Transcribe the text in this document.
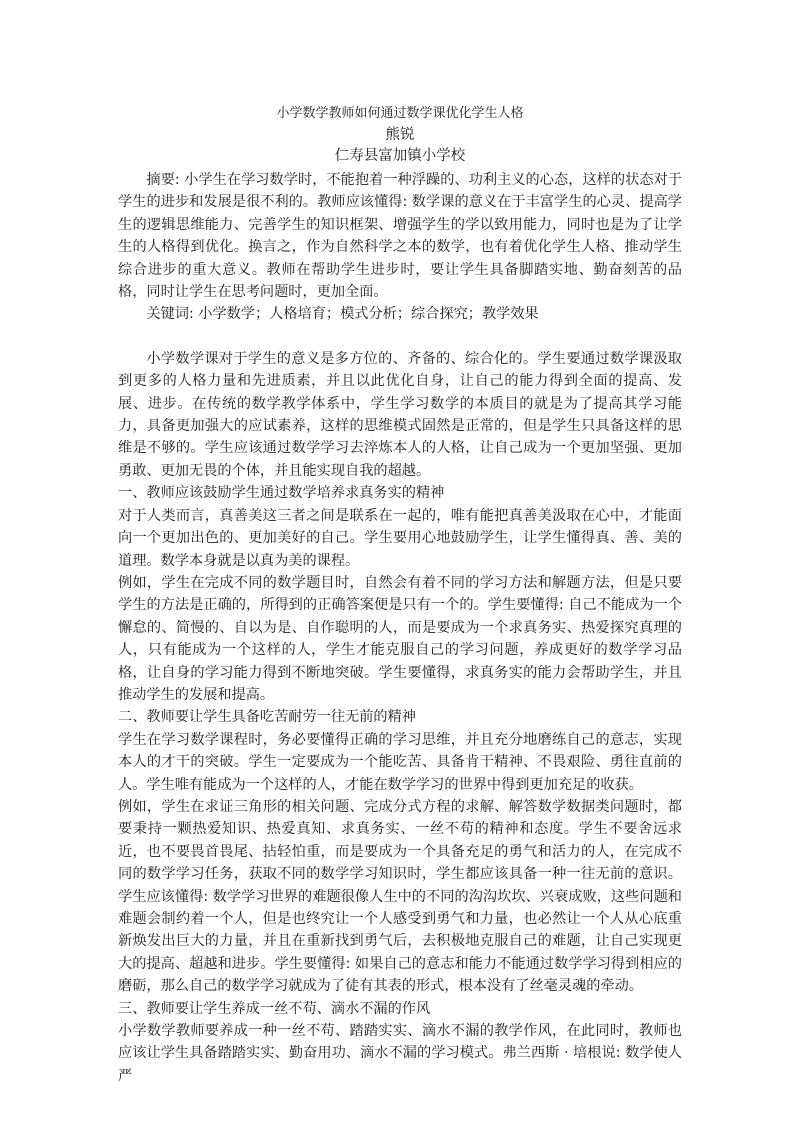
小学数学教师如何通过数学课优化学生人格
熊锐
仁寿县富加镇小学校

摘要: 小学生在学习数学时，不能抱着一种浮躁的、功利主义的心态，这样的状态对于学生的进步和发展是很不利的。教师应该懂得: 数学课的意义在于丰富学生的心灵、提高学生的逻辑思维能力、完善学生的知识框架、增强学生的学以致用能力，同时也是为了让学生的人格得到优化。换言之，作为自然科学之本的数学，也有着优化学生人格、推动学生综合进步的重大意义。教师在帮助学生进步时，要让学生具备脚踏实地、勤奋刻苦的品格，同时让学生在思考问题时，更加全面。

关键词: 小学数学；人格培育；模式分析；综合探究；教学效果

小学数学课对于学生的意义是多方位的、齐备的、综合化的。学生要通过数学课汲取到更多的人格力量和先进质素，并且以此优化自身，让自己的能力得到全面的提高、发展、进步。在传统的数学教学体系中，学生学习数学的本质目的就是为了提高其学习能力，具备更加强大的应试素养，这样的思维模式固然是正常的，但是学生只具备这样的思维是不够的。学生应该通过数学学习去淬炼本人的人格，让自己成为一个更加坚强、更加勇敢、更加无畏的个体，并且能实现自我的超越。

一、教师应该鼓励学生通过数学培养求真务实的精神

对于人类而言，真善美这三者之间是联系在一起的，唯有能把真善美汲取在心中，才能面向一个更加出色的、更加美好的自己。学生要用心地鼓励学生，让学生懂得真、善、美的道理。数学本身就是以真为美的课程。

例如，学生在完成不同的数学题目时，自然会有着不同的学习方法和解题方法，但是只要学生的方法是正确的，所得到的正确答案便是只有一个的。学生要懂得: 自己不能成为一个懈怠的、简慢的、自以为是、自作聪明的人，而是要成为一个求真务实、热爱探究真理的人，只有能成为一个这样的人，学生才能克服自己的学习问题，养成更好的数学学习品格，让自身的学习能力得到不断地突破。学生要懂得，求真务实的能力会帮助学生，并且推动学生的发展和提高。

二、教师要让学生具备吃苦耐劳一往无前的精神

学生在学习数学课程时，务必要懂得正确的学习思维，并且充分地磨练自己的意志，实现本人的才干的突破。学生一定要成为一个能吃苦、具备肯干精神、不畏艰险、勇往直前的人。学生唯有能成为一个这样的人，才能在数学学习的世界中得到更加充足的收获。

例如，学生在求证三角形的相关问题、完成分式方程的求解、解答数学数据类问题时，都要秉持一颗热爱知识、热爱真知、求真务实、一丝不苟的精神和态度。学生不要舍远求近，也不要畏首畏尾、拈轻怕重，而是要成为一个具备充足的勇气和活力的人，在完成不同的数学学习任务，获取不同的数学学习知识时，学生都应该具备一种一往无前的意识。学生应该懂得: 数学学习世界的难题很像人生中的不同的沟沟坎坎、兴衰成败，这些问题和难题会制约着一个人，但是也终究让一个人感受到勇气和力量，也必然让一个人从心底重新焕发出巨大的力量，并且在重新找到勇气后，去积极地克服自己的难题，让自己实现更大的提高、超越和进步。学生要懂得: 如果自己的意志和能力不能通过数学学习得到相应的磨砺，那么自己的数学学习就成为了徒有其表的形式，根本没有了丝毫灵魂的牵动。

三、教师要让学生养成一丝不苟、滴水不漏的作风

小学数学教师要养成一种一丝不苟、踏踏实实、滴水不漏的教学作风，在此同时，教师也应该让学生具备踏踏实实、勤奋用功、滴水不漏的学习模式。弗兰西斯 · 培根说: 数学使人严
